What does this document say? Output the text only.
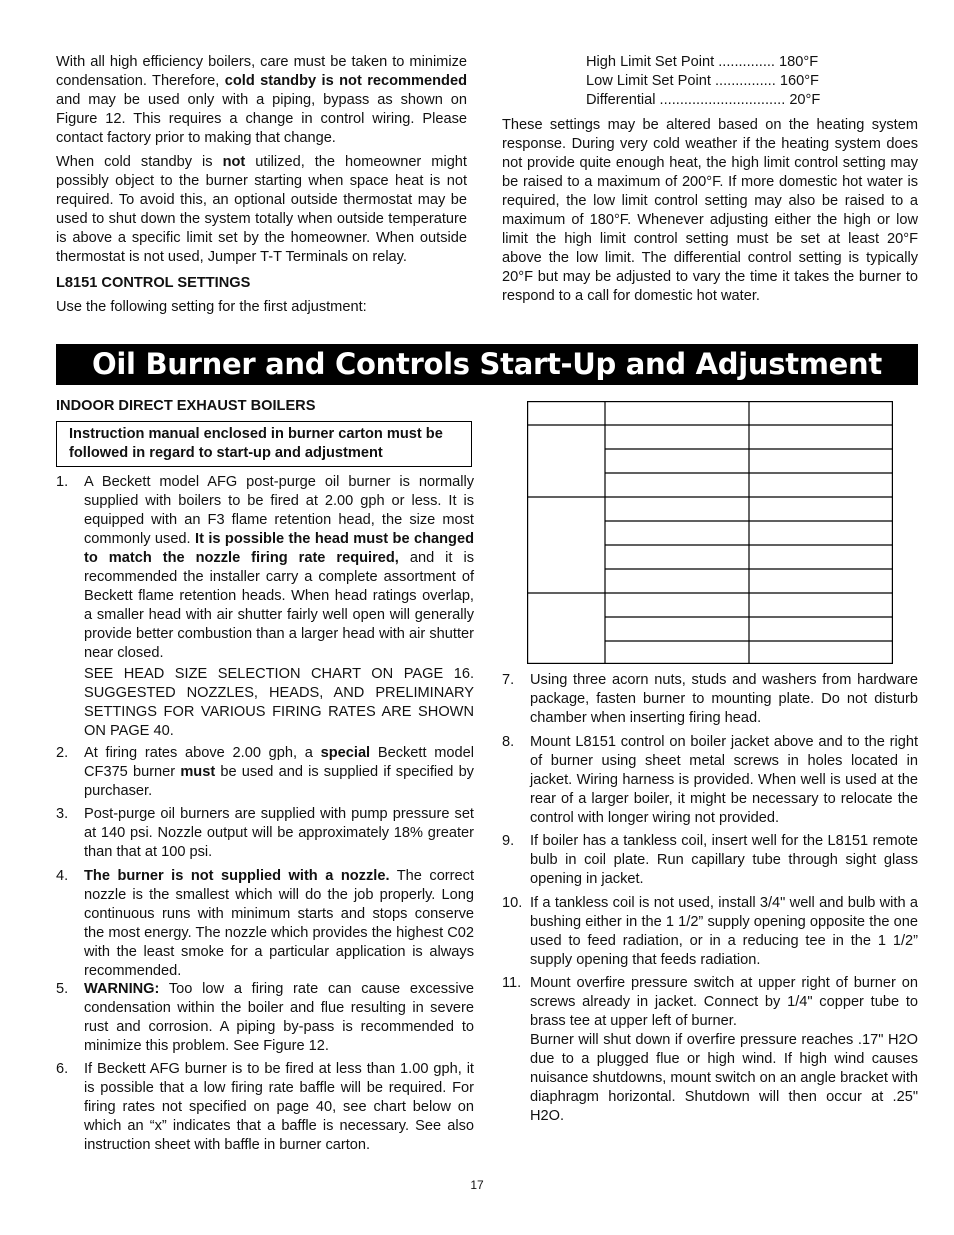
With all high efficiency boilers, care must be taken to minimize condensation. Therefore, cold standby is not recommended and may be used only with a piping, bypass as shown on Figure 12. This requires a change in control wiring. Please contact factory prior to making that change.

When cold standby is not utilized, the homeowner might possibly object to the burner starting when space heat is not required. To avoid this, an optional outside thermostat may be used to shut down the system totally when outside temperature is above a specific limit set by the homeowner. When outside thermostat is not used, Jumper T-T Terminals on relay.

L8151 CONTROL SETTINGS

Use the following setting for the first adjustment:

High Limit Set Point .............. 180°F
Low Limit Set Point ............... 160°F
Differential ............................... 20°F

These settings may be altered based on the heating system response. During very cold weather if the heating system does not provide quite enough heat, the high limit control setting may be raised to a maximum of 200°F. If more domestic hot water is required, the low limit control setting may also be raised to a maximum of 180°F. Whenever adjusting either the high or low limit the high limit control setting must be set at least 20°F above the low limit. The differential control setting is typically 20°F but may be adjusted to vary the time it takes the burner to respond to a call for domestic hot water.

Oil Burner and Controls Start-Up and Adjustment
INDOOR DIRECT EXHAUST BOILERS
Instruction manual enclosed in burner carton must be followed in regard to start-up and adjustment
1. A Beckett model AFG post-purge oil burner is normally supplied with boilers to be fired at 2.00 gph or less. It is equipped with an F3 flame retention head, the size most commonly used. It is possible the head must be changed to match the nozzle firing rate required, and it is recommended the installer carry a complete assortment of Beckett flame retention heads. When head ratings overlap, a smaller head with air shutter fairly well open will generally provide better combustion than a larger head with air shutter near closed.

SEE HEAD SIZE SELECTION CHART ON PAGE 16. SUGGESTED NOZZLES, HEADS, AND PRELIMINARY SETTINGS FOR VARIOUS FIRING RATES ARE SHOWN ON PAGE 40.

2. At firing rates above 2.00 gph, a special Beckett model CF375 burner must be used and is supplied if specified by purchaser.

3. Post-purge oil burners are supplied with pump pressure set at 140 psi. Nozzle output will be approximately 18% greater than that at 100 psi.

4. The burner is not supplied with a nozzle. The correct nozzle is the smallest which will do the job properly. Long continuous runs with minimum starts and stops conserve the most energy. The nozzle which provides the highest C02 with the least smoke for a particular application is always recommended.

5. WARNING: Too low a firing rate can cause excessive condensation within the boiler and flue resulting in severe rust and corrosion. A piping by-pass is recommended to minimize this problem. See Figure 12.

6. If Beckett AFG burner is to be fired at less than 1.00 gph, it is possible that a low firing rate baffle will be required. For firing rates not specified on page 40, see chart below on which an “x” indicates that a baffle is necessary. See also instruction sheet with baffle in burner carton.

7. Using three acorn nuts, studs and washers from hardware package, fasten burner to mounting plate. Do not disturb chamber when inserting firing head.

8. Mount L8151 control on boiler jacket above and to the right of burner using sheet metal screws in holes located in jacket. Wiring harness is provided. When well is used at the rear of a larger boiler, it might be necessary to relocate the control with longer wiring not provided.

9. If boiler has a tankless coil, insert well for the L8151 remote bulb in coil plate. Run capillary tube through sight glass opening in jacket.

10. If a tankless coil is not used, install 3/4" well and bulb with a bushing either in the 1 1/2” supply opening opposite the one used to feed radiation, or in a reducing tee in the 1 1/2” supply opening that feeds radiation.

11. Mount overfire pressure switch at upper right of burner on screws already in jacket. Connect by 1/4" copper tube to brass tee at upper left of burner.

Burner will shut down if overfire pressure reaches .17" H2O due to a plugged flue or high wind. If high wind causes nuisance shutdowns, mount switch on an angle bracket with diaphragm horizontal. Shutdown will then occur at .25" H2O.

17
